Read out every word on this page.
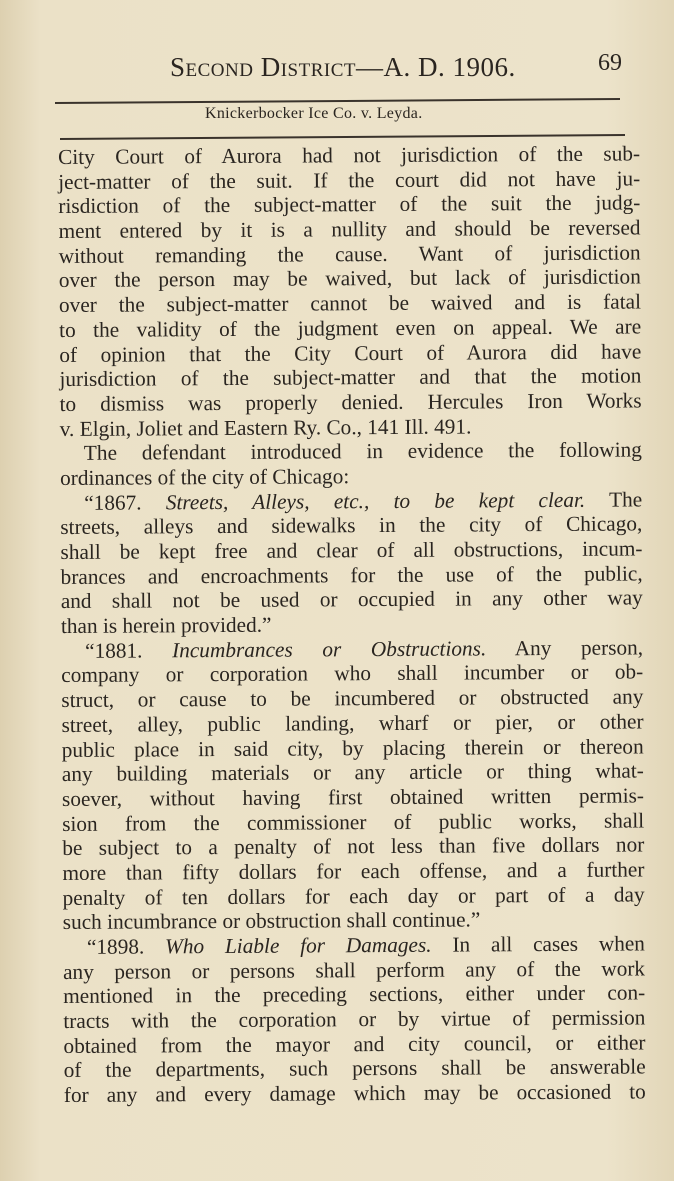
Second District—A. D. 1906.	69
Knickerbocker Ice Co. v. Leyda.
City Court of Aurora had not jurisdiction of the sub-
ject-matter of the suit. If the court did not have ju-
risdiction of the subject-matter of the suit the judg-
ment entered by it is a nullity and should be reversed
without remanding the cause. Want of jurisdiction
over the person may be waived, but lack of jurisdiction
over the subject-matter cannot be waived and is fatal
to the validity of the judgment even on appeal. We are
of opinion that the City Court of Aurora did have
jurisdiction of the subject-matter and that the motion
to dismiss was properly denied. Hercules Iron Works
v. Elgin, Joliet and Eastern Ry. Co., 141 Ill. 491.
The defendant introduced in evidence the following
ordinances of the city of Chicago:
“1867. Streets, Alleys, etc., to be kept clear. The
streets, alleys and sidewalks in the city of Chicago,
shall be kept free and clear of all obstructions, incum-
brances and encroachments for the use of the public,
and shall not be used or occupied in any other way
than is herein provided.”
“1881. Incumbrances or Obstructions. Any person,
company or corporation who shall incumber or ob-
struct, or cause to be incumbered or obstructed any
street, alley, public landing, wharf or pier, or other
public place in said city, by placing therein or thereon
any building materials or any article or thing what-
soever, without having first obtained written permis-
sion from the commissioner of public works, shall
be subject to a penalty of not less than five dollars nor
more than fifty dollars for each offense, and a further
penalty of ten dollars for each day or part of a day
such incumbrance or obstruction shall continue.”
“1898. Who Liable for Damages. In all cases when
any person or persons shall perform any of the work
mentioned in the preceding sections, either under con-
tracts with the corporation or by virtue of permission
obtained from the mayor and city council, or either
of the departments, such persons shall be answerable
for any and every damage which may be occasioned to
